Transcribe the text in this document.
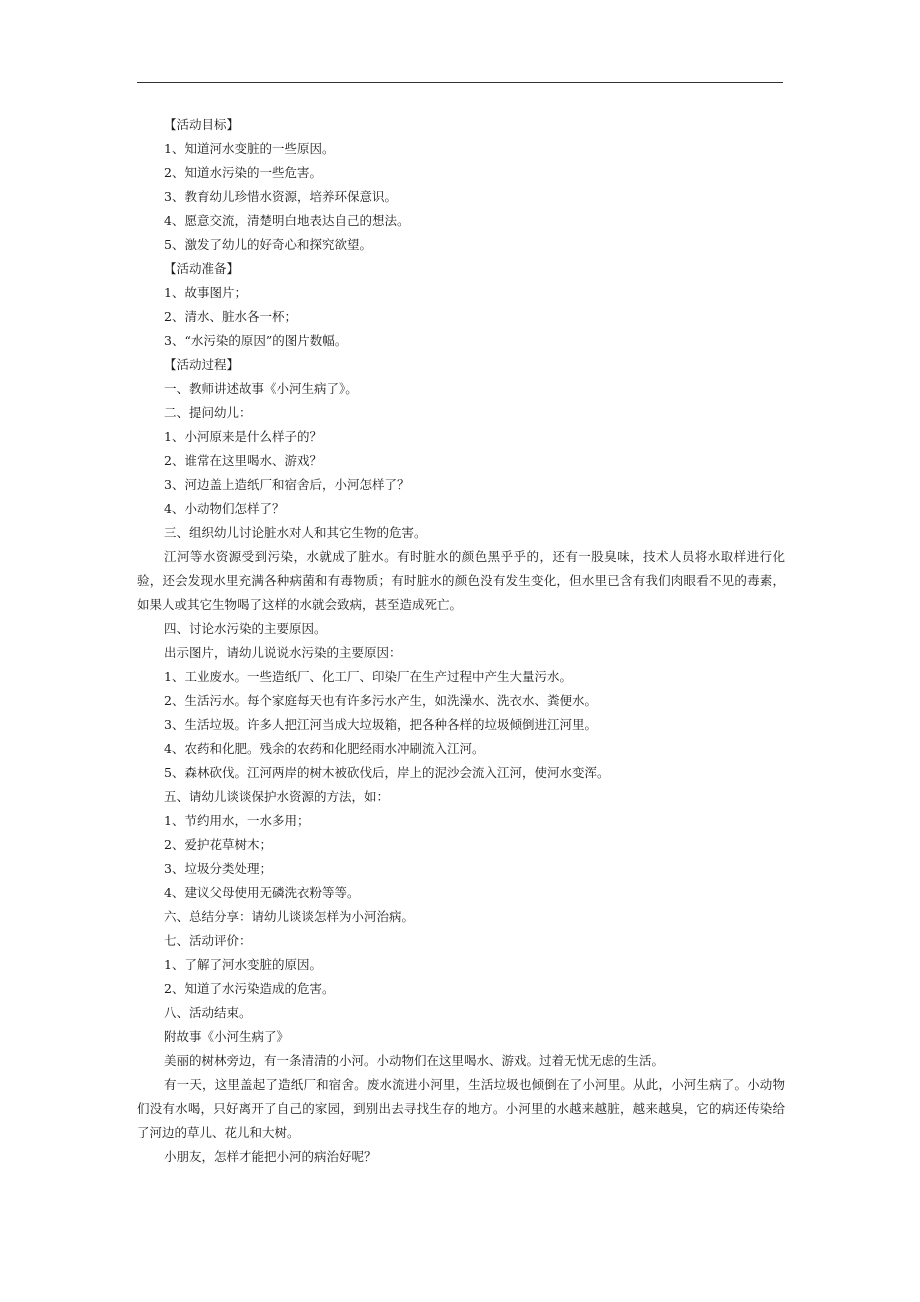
【活动目标】
1、知道河水变脏的一些原因。
2、知道水污染的一些危害。
3、教育幼儿珍惜水资源，培养环保意识。
4、愿意交流，清楚明白地表达自己的想法。
5、激发了幼儿的好奇心和探究欲望。
【活动准备】
1、故事图片；
2、清水、脏水各一杯；
3、“水污染的原因”的图片数幅。
【活动过程】
一、教师讲述故事《小河生病了》。
二、提问幼儿：
1、小河原来是什么样子的？
2、谁常在这里喝水、游戏？
3、河边盖上造纸厂和宿舍后，小河怎样了？
4、小动物们怎样了？
三、组织幼儿讨论脏水对人和其它生物的危害。
江河等水资源受到污染，水就成了脏水。有时脏水的颜色黑乎乎的，还有一股臭味，技术人员将水取样进行化验，还会发现水里充满各种病菌和有毒物质；有时脏水的颜色没有发生变化，但水里已含有我们肉眼看不见的毒素，如果人或其它生物喝了这样的水就会致病，甚至造成死亡。
四、讨论水污染的主要原因。
出示图片，请幼儿说说水污染的主要原因：
1、工业废水。一些造纸厂、化工厂、印染厂在生产过程中产生大量污水。
2、生活污水。每个家庭每天也有许多污水产生，如洗澡水、洗衣水、粪便水。
3、生活垃圾。许多人把江河当成大垃圾箱，把各种各样的垃圾倾倒进江河里。
4、农药和化肥。残余的农药和化肥经雨水冲刷流入江河。
5、森林砍伐。江河两岸的树木被砍伐后，岸上的泥沙会流入江河，使河水变浑。
五、请幼儿谈谈保护水资源的方法，如：
1、节约用水，一水多用；
2、爱护花草树木；
3、垃圾分类处理；
4、建议父母使用无磷洗衣粉等等。
六、总结分享：请幼儿谈谈怎样为小河治病。
七、活动评价：
1、了解了河水变脏的原因。
2、知道了水污染造成的危害。
八、活动结束。
附故事《小河生病了》
美丽的树林旁边，有一条清清的小河。小动物们在这里喝水、游戏。过着无忧无虑的生活。
有一天，这里盖起了造纸厂和宿舍。废水流进小河里，生活垃圾也倾倒在了小河里。从此，小河生病了。小动物们没有水喝，只好离开了自己的家园，到别出去寻找生存的地方。小河里的水越来越脏，越来越臭，它的病还传染给了河边的草儿、花儿和大树。
小朋友，怎样才能把小河的病治好呢？
